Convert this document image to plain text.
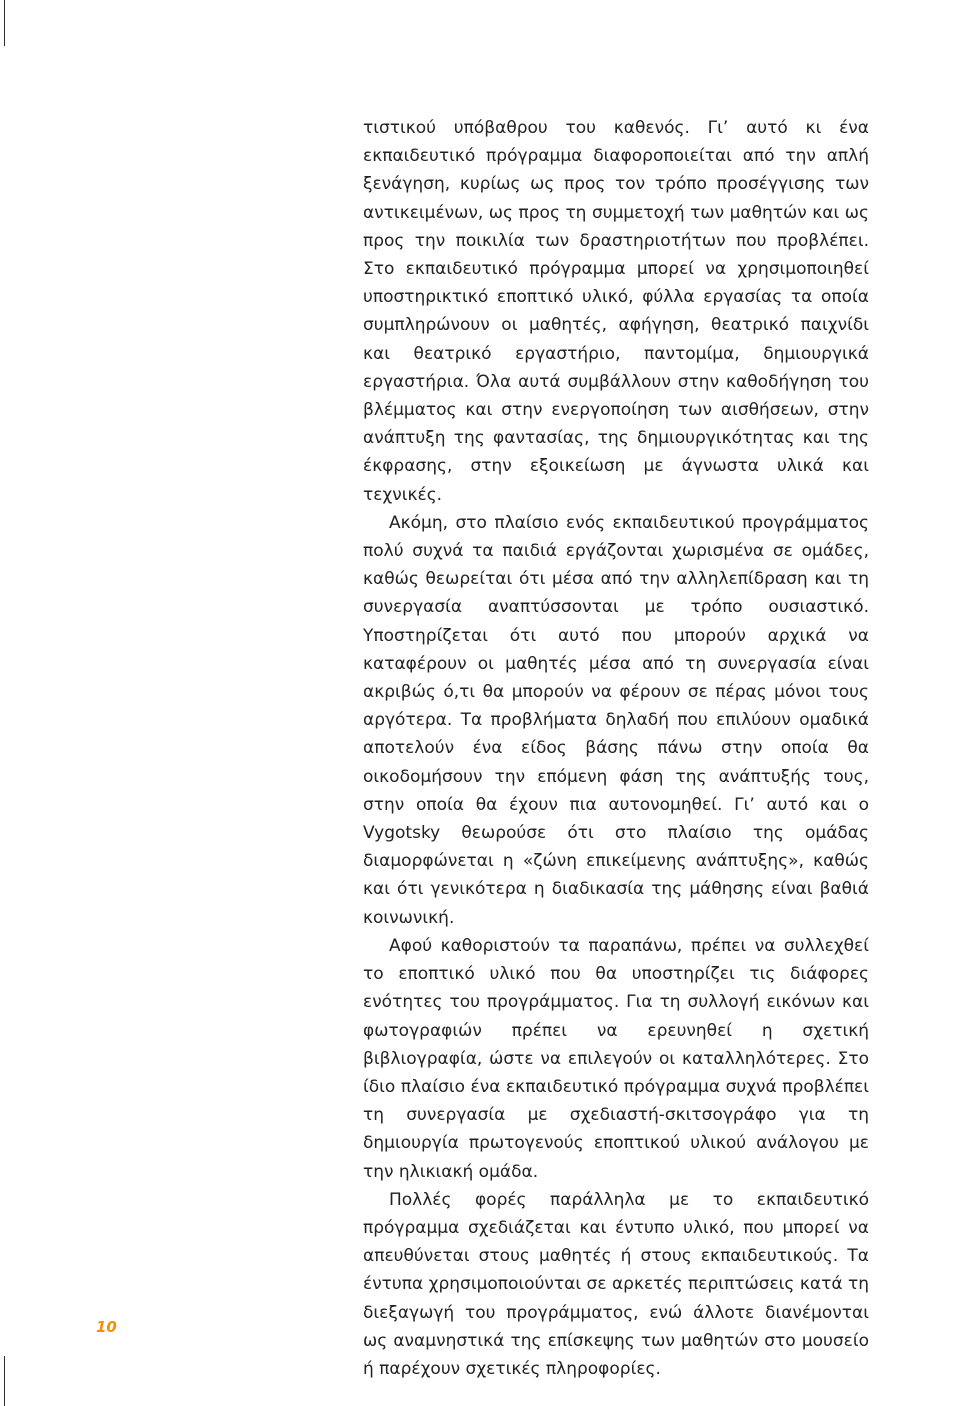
τιστικού υπόβαθρου του καθενός. Γι’ αυτό κι ένα εκπαιδευτικό πρόγραμμα διαφοροποιείται από την απλή ξενάγηση, κυρίως ως προς τον τρόπο προσέγγισης των αντικειμένων, ως προς τη συμμετοχή των μαθητών και ως προς την ποικιλία των δραστηριοτήτων που προβλέπει. Στο εκπαιδευτικό πρόγραμμα μπορεί να χρησιμοποιηθεί υποστηρικτικό εποπτικό υλικό, φύλλα εργασίας τα οποία συμπληρώνουν οι μαθητές, αφήγηση, θεατρικό παιχνίδι και θεατρικό εργαστήριο, παντομίμα, δημιουργικά εργαστήρια. Όλα αυτά συμβάλλουν στην καθοδήγηση του βλέμματος και στην ενεργοποίηση των αισθήσεων, στην ανάπτυξη της φαντασίας, της δημιουργικότητας και της έκφρασης, στην εξοικείωση με άγνωστα υλικά και τεχνικές.

Ακόμη, στο πλαίσιο ενός εκπαιδευτικού προγράμματος πολύ συχνά τα παιδιά εργάζονται χωρισμένα σε ομάδες, καθώς θεωρείται ότι μέσα από την αλληλεπίδραση και τη συνεργασία αναπτύσσονται με τρόπο ουσιαστικό. Υποστηρίζεται ότι αυτό που μπορούν αρχικά να καταφέρουν οι μαθητές μέσα από τη συνεργασία είναι ακριβώς ό,τι θα μπορούν να φέρουν σε πέρας μόνοι τους αργότερα. Τα προβλήματα δηλαδή που επιλύουν ομαδικά αποτελούν ένα είδος βάσης πάνω στην οποία θα οικοδομήσουν την επόμενη φάση της ανάπτυξής τους, στην οποία θα έχουν πια αυτονομηθεί. Γι’ αυτό και ο Vygotsky θεωρούσε ότι στο πλαίσιο της ομάδας διαμορφώνεται η «ζώνη επικείμενης ανάπτυξης», καθώς και ότι γενικότερα η διαδικασία της μάθησης είναι βαθιά κοινωνική.

Αφού καθοριστούν τα παραπάνω, πρέπει να συλλεχθεί το εποπτικό υλικό που θα υποστηρίζει τις διάφορες ενότητες του προγράμματος. Για τη συλλογή εικόνων και φωτογραφιών πρέπει να ερευνηθεί η σχετική βιβλιογραφία, ώστε να επιλεγούν οι καταλληλότερες. Στο ίδιο πλαίσιο ένα εκπαιδευτικό πρόγραμμα συχνά προβλέπει τη συνεργασία με σχεδιαστή-σκιτσογράφο για τη δημιουργία πρωτογενούς εποπτικού υλικού ανάλογου με την ηλικιακή ομάδα.

Πολλές φορές παράλληλα με το εκπαιδευτικό πρόγραμμα σχεδιάζεται και έντυπο υλικό, που μπορεί να απευθύνεται στους μαθητές ή στους εκπαιδευτικούς. Τα έντυπα χρησιμοποιούνται σε αρκετές περιπτώσεις κατά τη διεξαγωγή του προγράμματος, ενώ άλλοτε διανέμονται ως αναμνηστικά της επίσκεψης των μαθητών στο μουσείο ή παρέχουν σχετικές πληροφορίες.

10
